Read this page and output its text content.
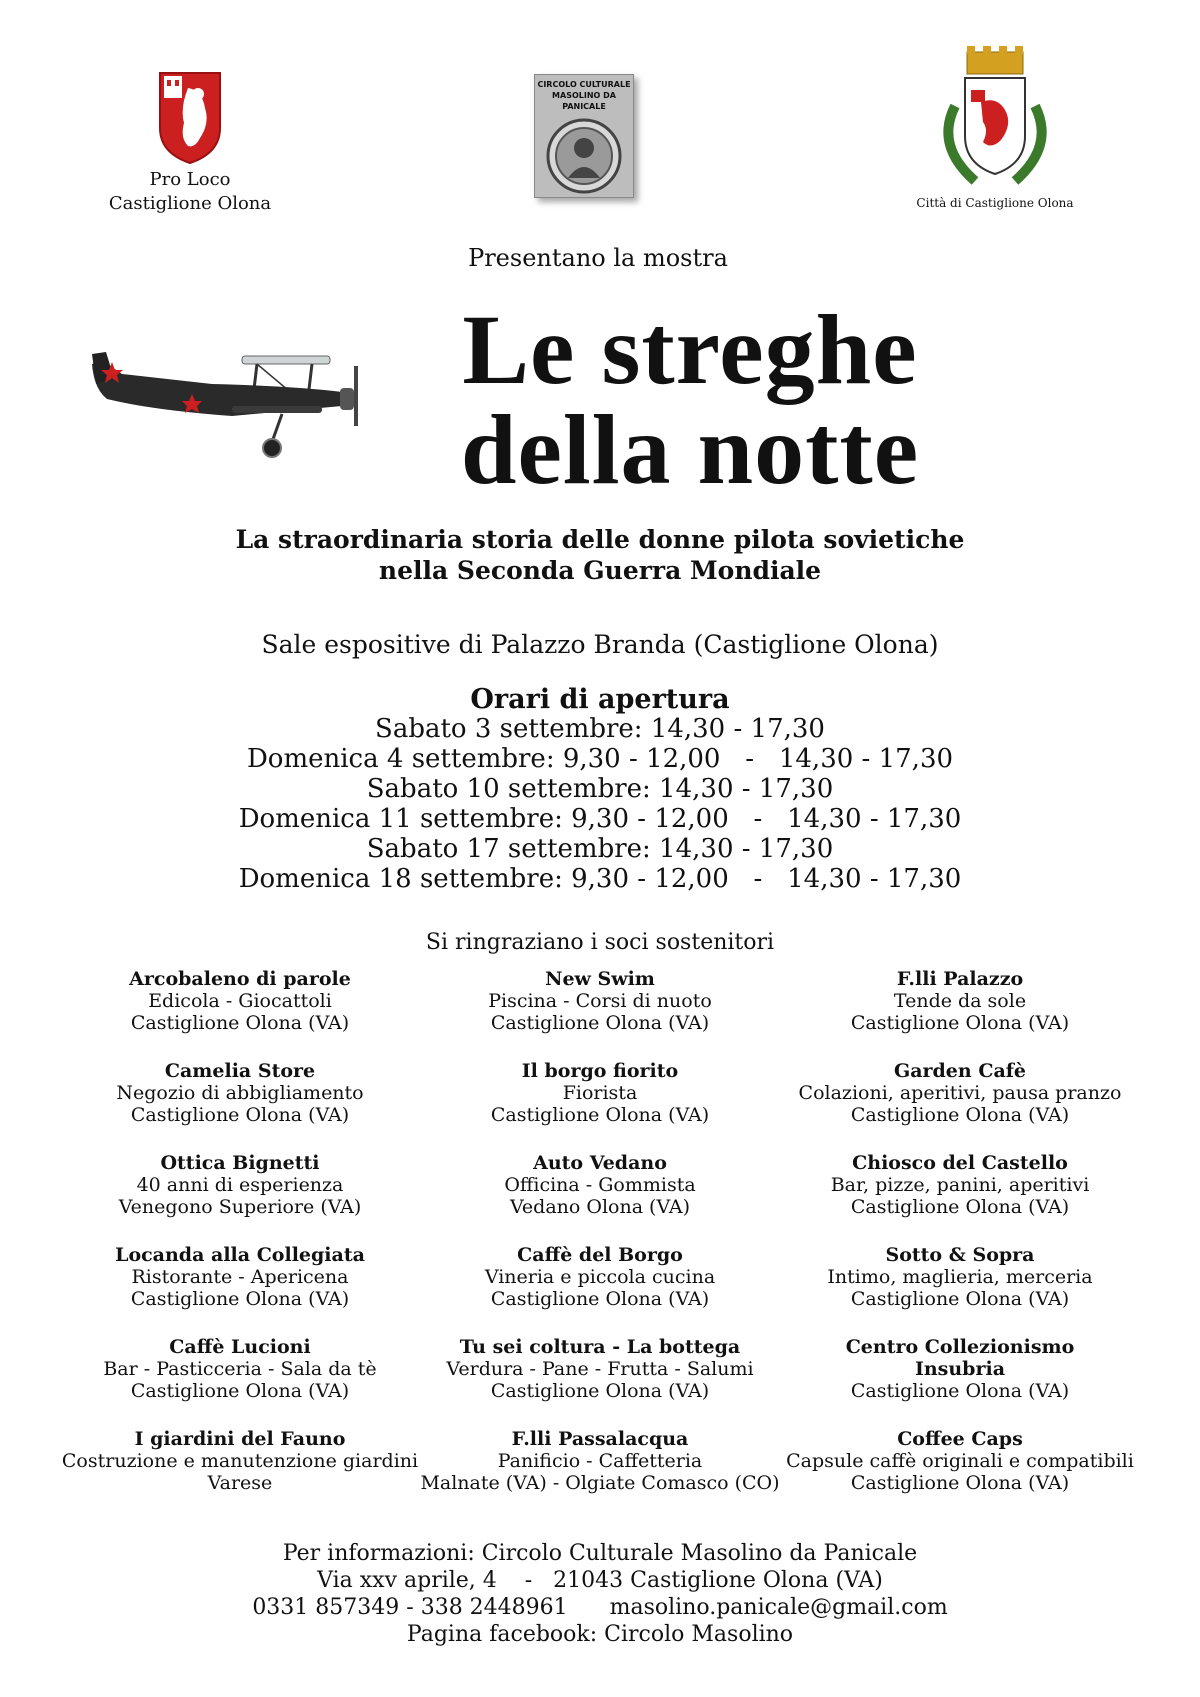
Pro Loco
Castiglione Olona
CIRCOLO CULTURALE
MASOLINO DA PANICALE
Città di Castiglione Olona
Presentano la mostra
Le streghe
della notte
La straordinaria storia delle donne pilota sovietiche
nella Seconda Guerra Mondiale
Sale espositive di Palazzo Branda (Castiglione Olona)
Orari di apertura
Sabato 3 settembre: 14,30 - 17,30
Domenica 4 settembre: 9,30 - 12,00   -   14,30 - 17,30
Sabato 10 settembre: 14,30 - 17,30
Domenica 11 settembre: 9,30 - 12,00   -   14,30 - 17,30
Sabato 17 settembre: 14,30 - 17,30
Domenica 18 settembre: 9,30 - 12,00   -   14,30 - 17,30
Si ringraziano i soci sostenitori
Arcobaleno di parole
Edicola - Giocattoli
Castiglione Olona (VA)
New Swim
Piscina - Corsi di nuoto
Castiglione Olona (VA)
F.lli Palazzo
Tende da sole
Castiglione Olona (VA)
Camelia Store
Negozio di abbigliamento
Castiglione Olona (VA)
Il borgo fiorito
Fiorista
Castiglione Olona (VA)
Garden Cafè
Colazioni, aperitivi, pausa pranzo
Castiglione Olona (VA)
Ottica Bignetti
40 anni di esperienza
Venegono Superiore (VA)
Auto Vedano
Officina - Gommista
Vedano Olona (VA)
Chiosco del Castello
Bar, pizze, panini, aperitivi
Castiglione Olona (VA)
Locanda alla Collegiata
Ristorante - Apericena
Castiglione Olona (VA)
Caffè del Borgo
Vineria e piccola cucina
Castiglione Olona (VA)
Sotto & Sopra
Intimo, maglieria, merceria
Castiglione Olona (VA)
Caffè Lucioni
Bar - Pasticceria - Sala da tè
Castiglione Olona (VA)
Tu sei coltura - La bottega
Verdura - Pane - Frutta - Salumi
Castiglione Olona (VA)
Centro Collezionismo
Insubria
Castiglione Olona (VA)
I giardini del Fauno
Costruzione e manutenzione giardini
Varese
F.lli Passalacqua
Panificio - Caffetteria
Malnate (VA) - Olgiate Comasco (CO)
Coffee Caps
Capsule caffè originali e compatibili
Castiglione Olona (VA)
Per informazioni: Circolo Culturale Masolino da Panicale
Via xxv aprile, 4    -   21043 Castiglione Olona (VA)
0331 857349 - 338 2448961      masolino.panicale@gmail.com
Pagina facebook: Circolo Masolino
